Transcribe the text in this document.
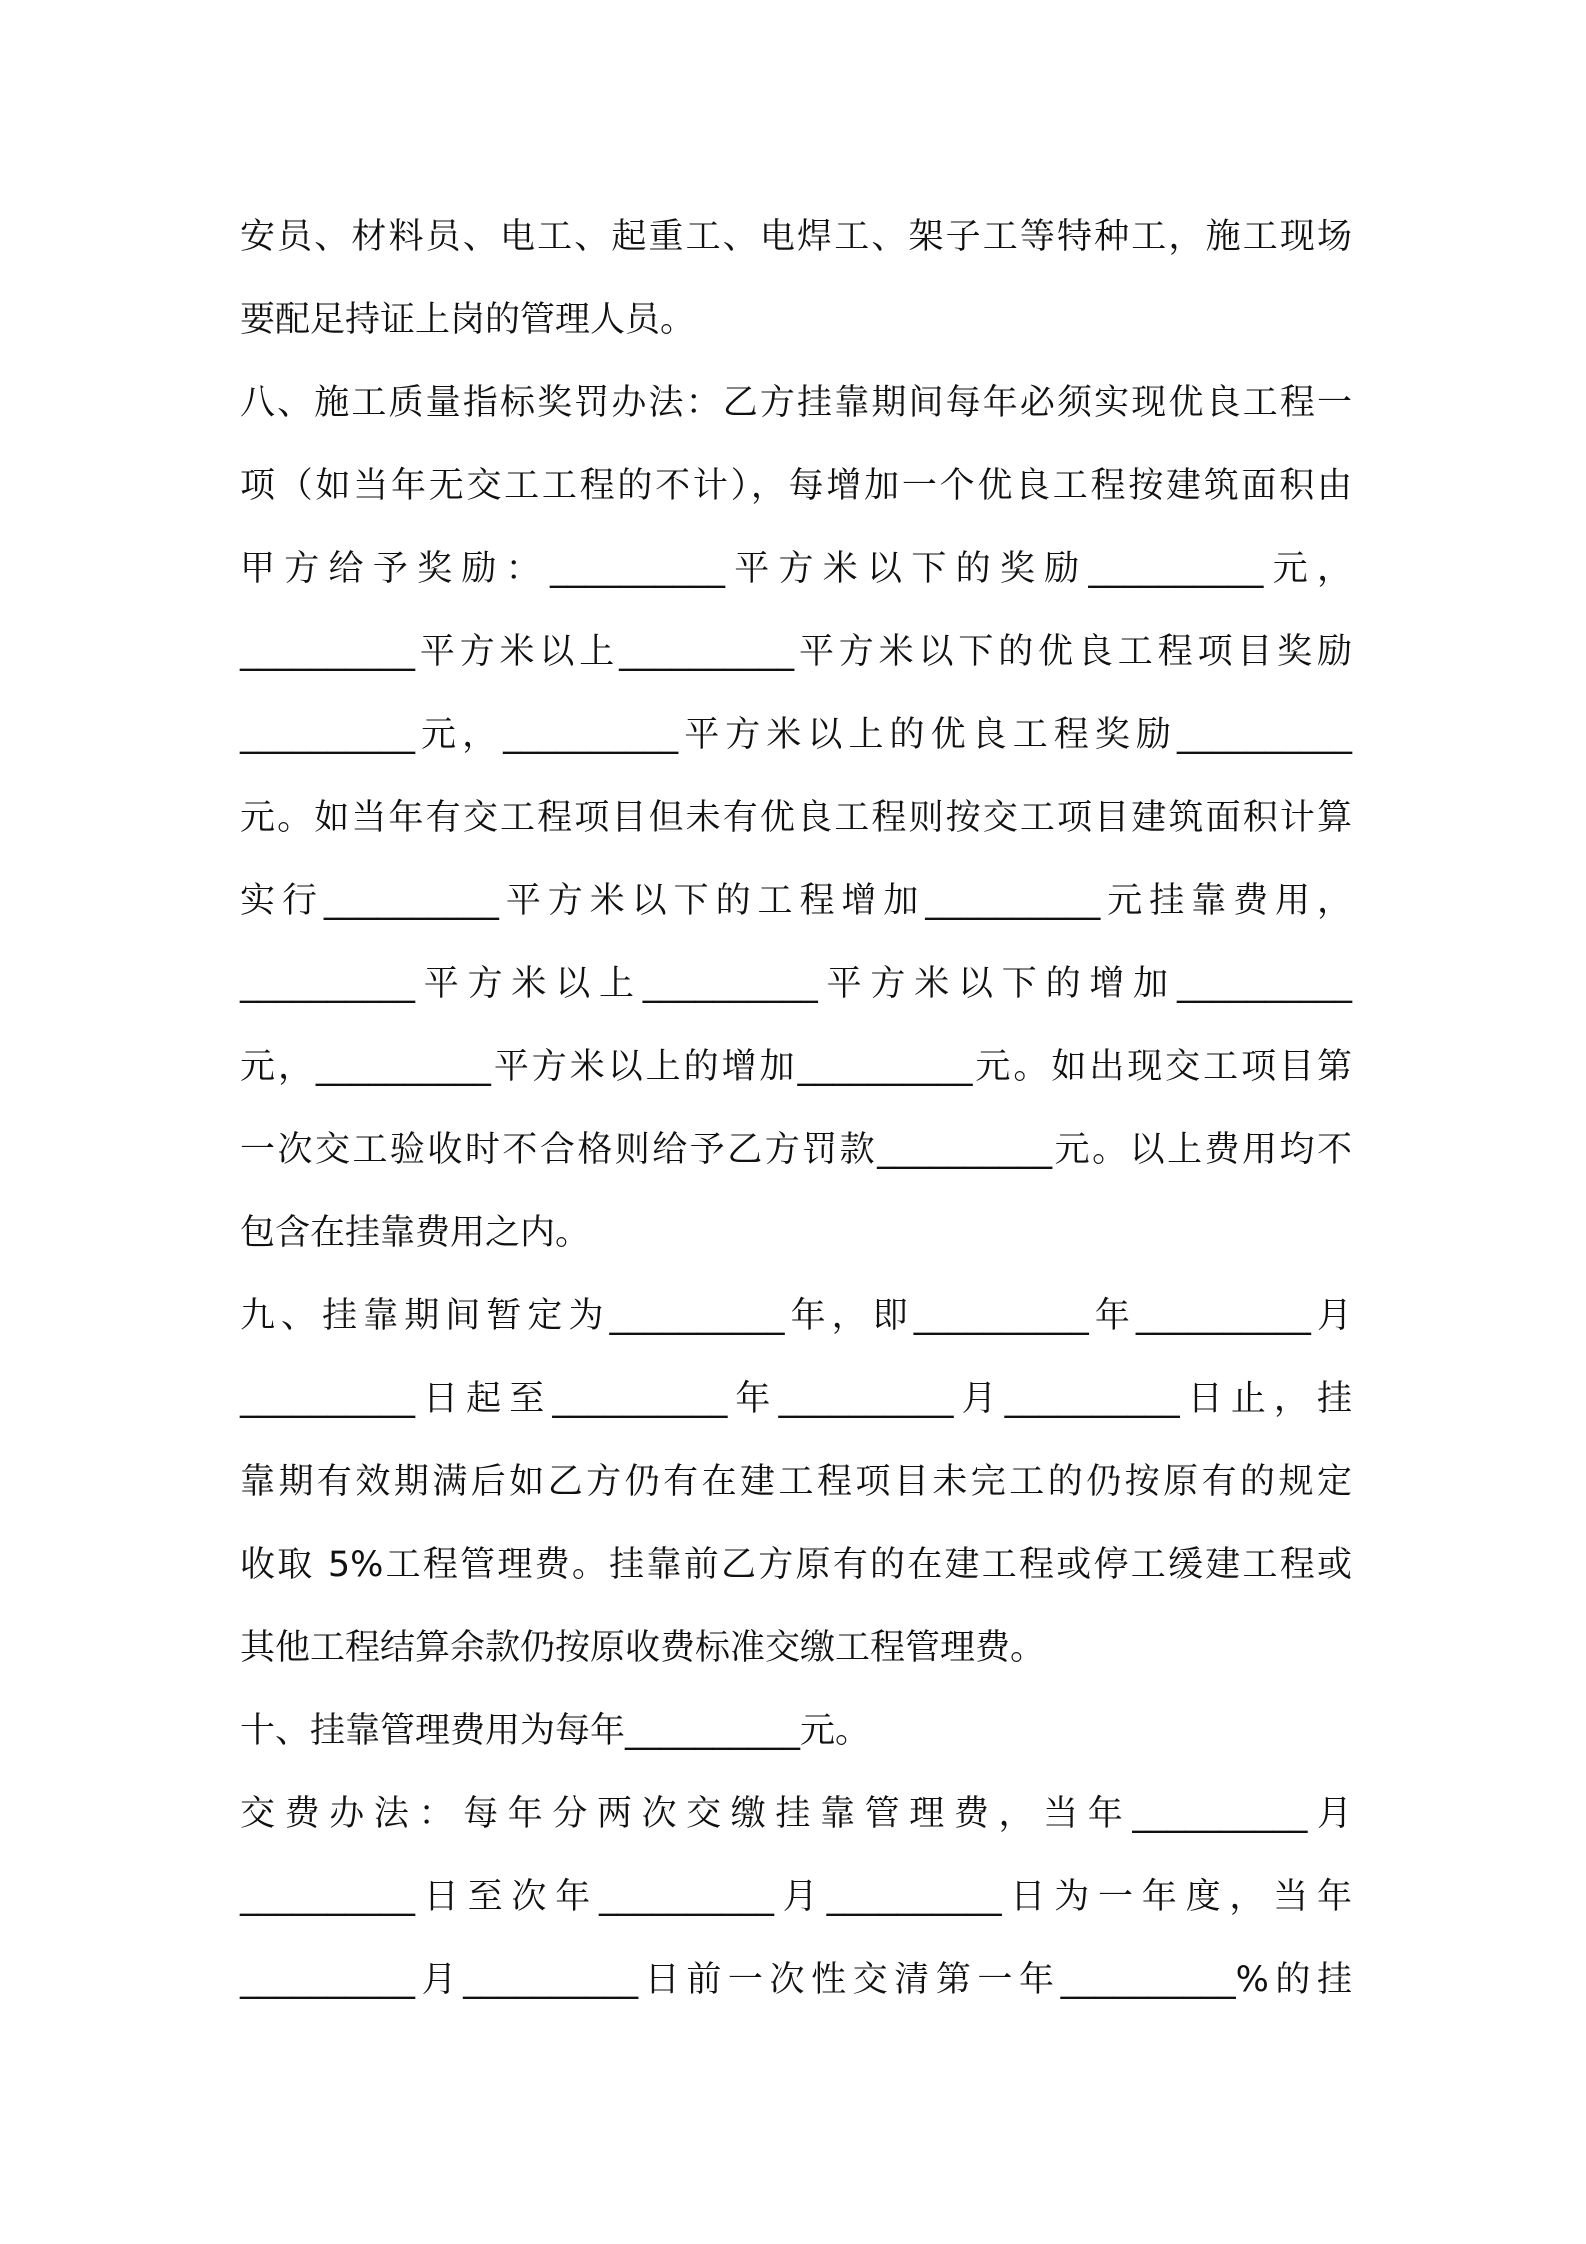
安员、材料员、电工、起重工、电焊工、架子工等特种工，施工现场
要配足持证上岗的管理人员。
八、施工质量指标奖罚办法：乙方挂靠期间每年必须实现优良工程一
项（如当年无交工工程的不计），每增加一个优良工程按建筑面积由
甲方给予奖励：__________平方米以下的奖励__________元，
__________平方米以上__________平方米以下的优良工程项目奖励
__________元，__________平方米以上的优良工程奖励__________
元。如当年有交工程项目但未有优良工程则按交工项目建筑面积计算
实行__________平方米以下的工程增加__________元挂靠费用，
__________平方米以上__________平方米以下的增加__________
元，__________平方米以上的增加__________元。如出现交工项目第
一次交工验收时不合格则给予乙方罚款__________元。以上费用均不
包含在挂靠费用之内。
九、挂靠期间暂定为__________年，即__________年__________月
__________日起至__________年__________月__________日止，挂
靠期有效期满后如乙方仍有在建工程项目未完工的仍按原有的规定
收取 5%工程管理费。挂靠前乙方原有的在建工程或停工缓建工程或
其他工程结算余款仍按原收费标准交缴工程管理费。
十、挂靠管理费用为每年__________元。
交费办法：每年分两次交缴挂靠管理费，当年__________月
__________日至次年__________月__________日为一年度，当年
__________月__________日前一次性交清第一年__________%的挂
